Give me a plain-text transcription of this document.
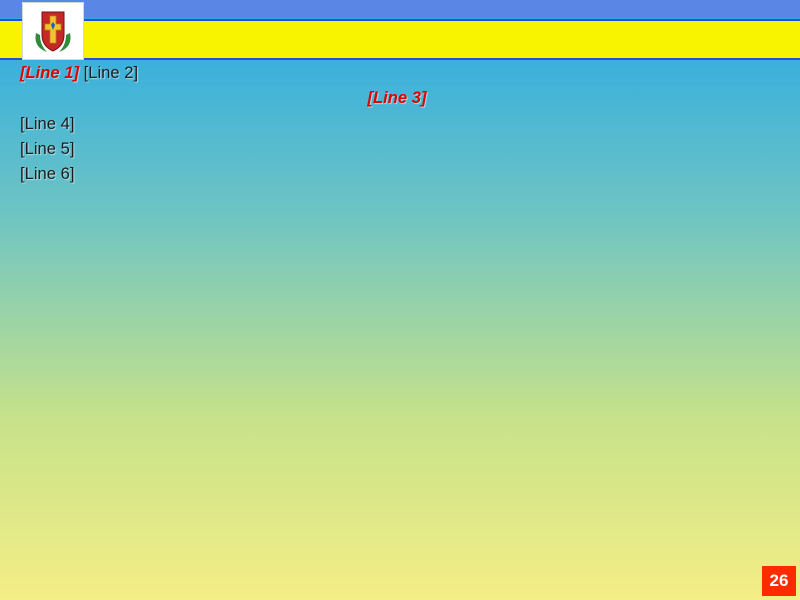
[Line 1] [Line 2]

[Line 3]

[Line 4]

[Line 5]

[Line 6]

26
